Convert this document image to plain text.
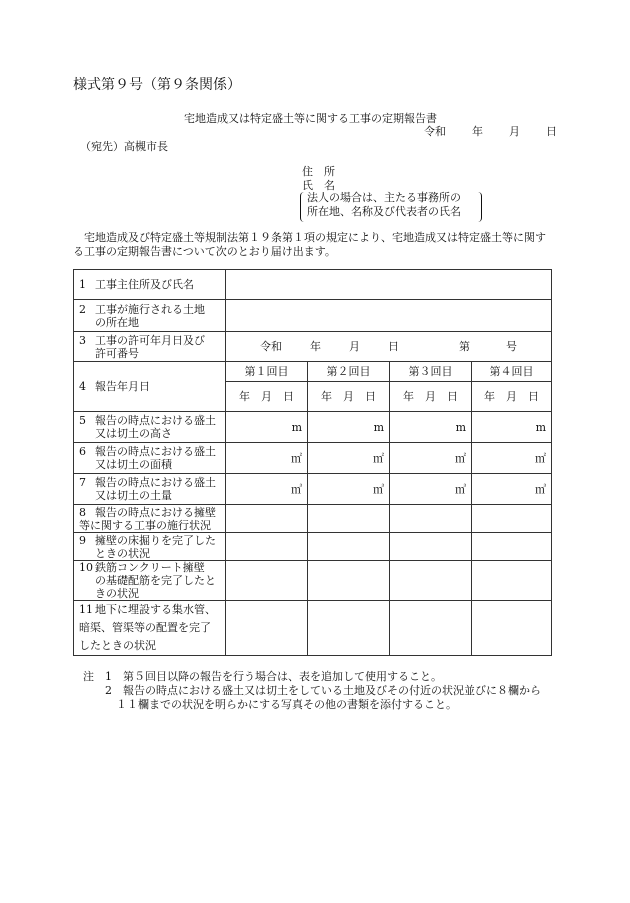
様式第９号（第９条関係）
宅地造成又は特定盛土等に関する工事の定期報告書
令和 年 月 日
（宛先）高槻市長
住　所
氏　名
法人の場合は、主たる事務所の
所在地、名称及び代表者の氏名
宅地造成及び特定盛土等規制法第１９条第１項の規定により、宅地造成又は特定盛土等に関する工事の定期報告書について次のとおり届け出ます。
1 工事主住所及び氏名				
2 工事が施行される土地
の所在地				
3 工事の許可年月日及び
許可番号	令和 年 月 日 第 号			
4 報告年月日	第１回目	第２回目	第３回目	第４回目
	年　 月　 日	年　 月　 日	年　 月　 日	年　 月　 日
5 報告の時点における盛土
又は切土の高さ	m	m	m	m
6 報告の時点における盛土
又は切土の面積	㎡	㎡	㎡	㎡
7 報告の時点における盛土
又は切土の土量	㎥	㎥	㎥	㎥
8 報告の時点における擁壁
等に関する工事の施行状況				
9 擁壁の床掘りを完了した
ときの状況				
10 鉄筋コンクリート擁壁
の基礎配筋を完了したと
きの状況				
11 地下に埋設する集水管、
暗渠、管渠等の配置を完了
したときの状況				
注　 1　 第５回目以降の報告を行う場合は、表を追加して使用すること。
　　2　 報告の時点における盛土又は切土をしている土地及びその付近の状況並びに８欄から
　　　１１欄までの状況を明らかにする写真その他の書類を添付すること。
